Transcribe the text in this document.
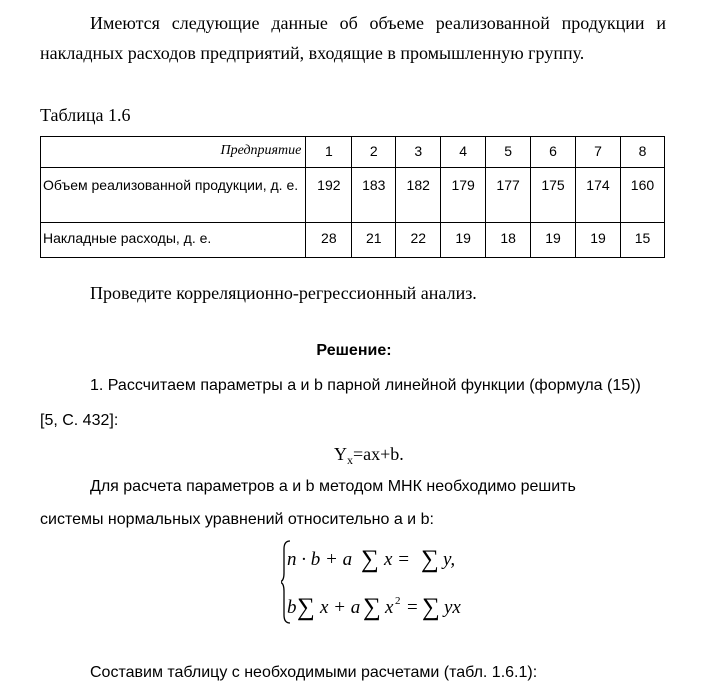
Имеются следующие данные об объеме реализованной продукции и
накладных расходов предприятий, входящие в промышленную группу.
Таблица 1.6
Предприятие	1	2	3	4	5	6	7	8
Объем реализованной продукции, д. е.	192	183	182	179	177	175	174	160
Накладные расходы, д. е.	28	21	22	19	18	19	19	15
Проведите корреляционно-регрессионный анализ.
Решение:
1. Рассчитаем параметры a и b парной линейной функции (формула (15))
[5, С. 432]:
$Y_x=ax+b$.
Для расчета параметров a и b методом МНК необходимо решить
системы нормальных уравнений относительно a и b:
n · b + a ∑ x = ∑ y,
b ∑ x + a ∑ x 2 = ∑ yx
Составим таблицу с необходимыми расчетами (табл. 1.6.1):
